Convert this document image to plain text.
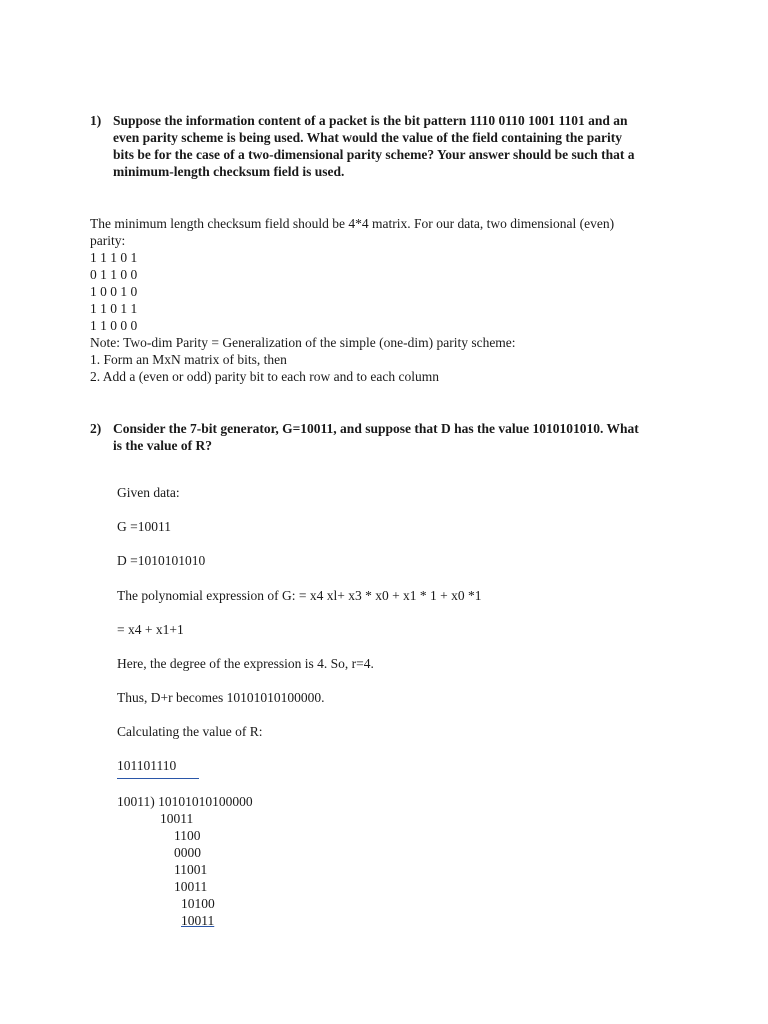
1) Suppose the information content of a packet is the bit pattern 1110 0110 1001 1101 and an
even parity scheme is being used. What would the value of the field containing the parity
bits be for the case of a two-dimensional parity scheme? Your answer should be such that a
minimum-length checksum field is used.
The minimum length checksum field should be 4*4 matrix. For our data, two dimensional (even)
parity:
1 1 1 0 1
0 1 1 0 0
1 0 0 1 0
1 1 0 1 1
1 1 0 0 0
Note: Two-dim Parity = Generalization of the simple (one-dim) parity scheme:
1. Form an MxN matrix of bits, then
2. Add a (even or odd) parity bit to each row and to each column
2) Consider the 7-bit generator, G=10011, and suppose that D has the value 1010101010. What
is the value of R?
Given data:
G =10011
D =1010101010
The polynomial expression of G: = x4 xl+ x3 * x0 + x1 * 1 + x0 *1
= x4 + x1+1
Here, the degree of the expression is 4. So, r=4.
Thus, D+r becomes 10101010100000.
Calculating the value of R:
101101110
10011) 10101010100000
10011
1100
0000
11001
10011
10100
10011
